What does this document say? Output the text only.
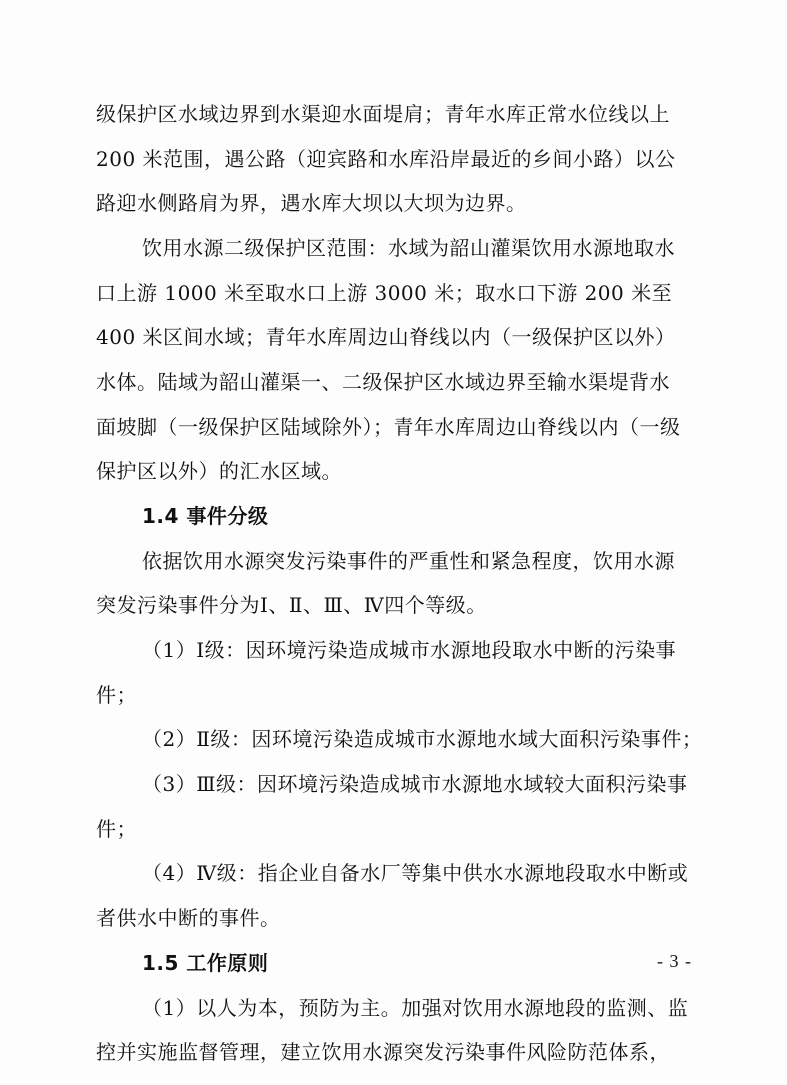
级保护区水域边界到水渠迎水面堤肩；青年水库正常水位线以上
200 米范围，遇公路（迎宾路和水库沿岸最近的乡间小路）以公
路迎水侧路肩为界，遇水库大坝以大坝为边界。
饮用水源二级保护区范围：水域为韶山灌渠饮用水源地取水
口上游 1000 米至取水口上游 3000 米；取水口下游 200 米至
400 米区间水域；青年水库周边山脊线以内（一级保护区以外）
水体。陆域为韶山灌渠一、二级保护区水域边界至输水渠堤背水
面坡脚（一级保护区陆域除外）；青年水库周边山脊线以内（一级
保护区以外）的汇水区域。
1.4 事件分级
依据饮用水源突发污染事件的严重性和紧急程度，饮用水源
突发污染事件分为Ⅰ、Ⅱ、Ⅲ、Ⅳ四个等级。
（1）Ⅰ级：因环境污染造成城市水源地段取水中断的污染事
件；
（2）Ⅱ级：因环境污染造成城市水源地水域大面积污染事件；
（3）Ⅲ级：因环境污染造成城市水源地水域较大面积污染事
件；
（4）Ⅳ级：指企业自备水厂等集中供水水源地段取水中断或
者供水中断的事件。
1.5 工作原则
（1）以人为本，预防为主。加强对饮用水源地段的监测、监
控并实施监督管理，建立饮用水源突发污染事件风险防范体系，
- 3 -
